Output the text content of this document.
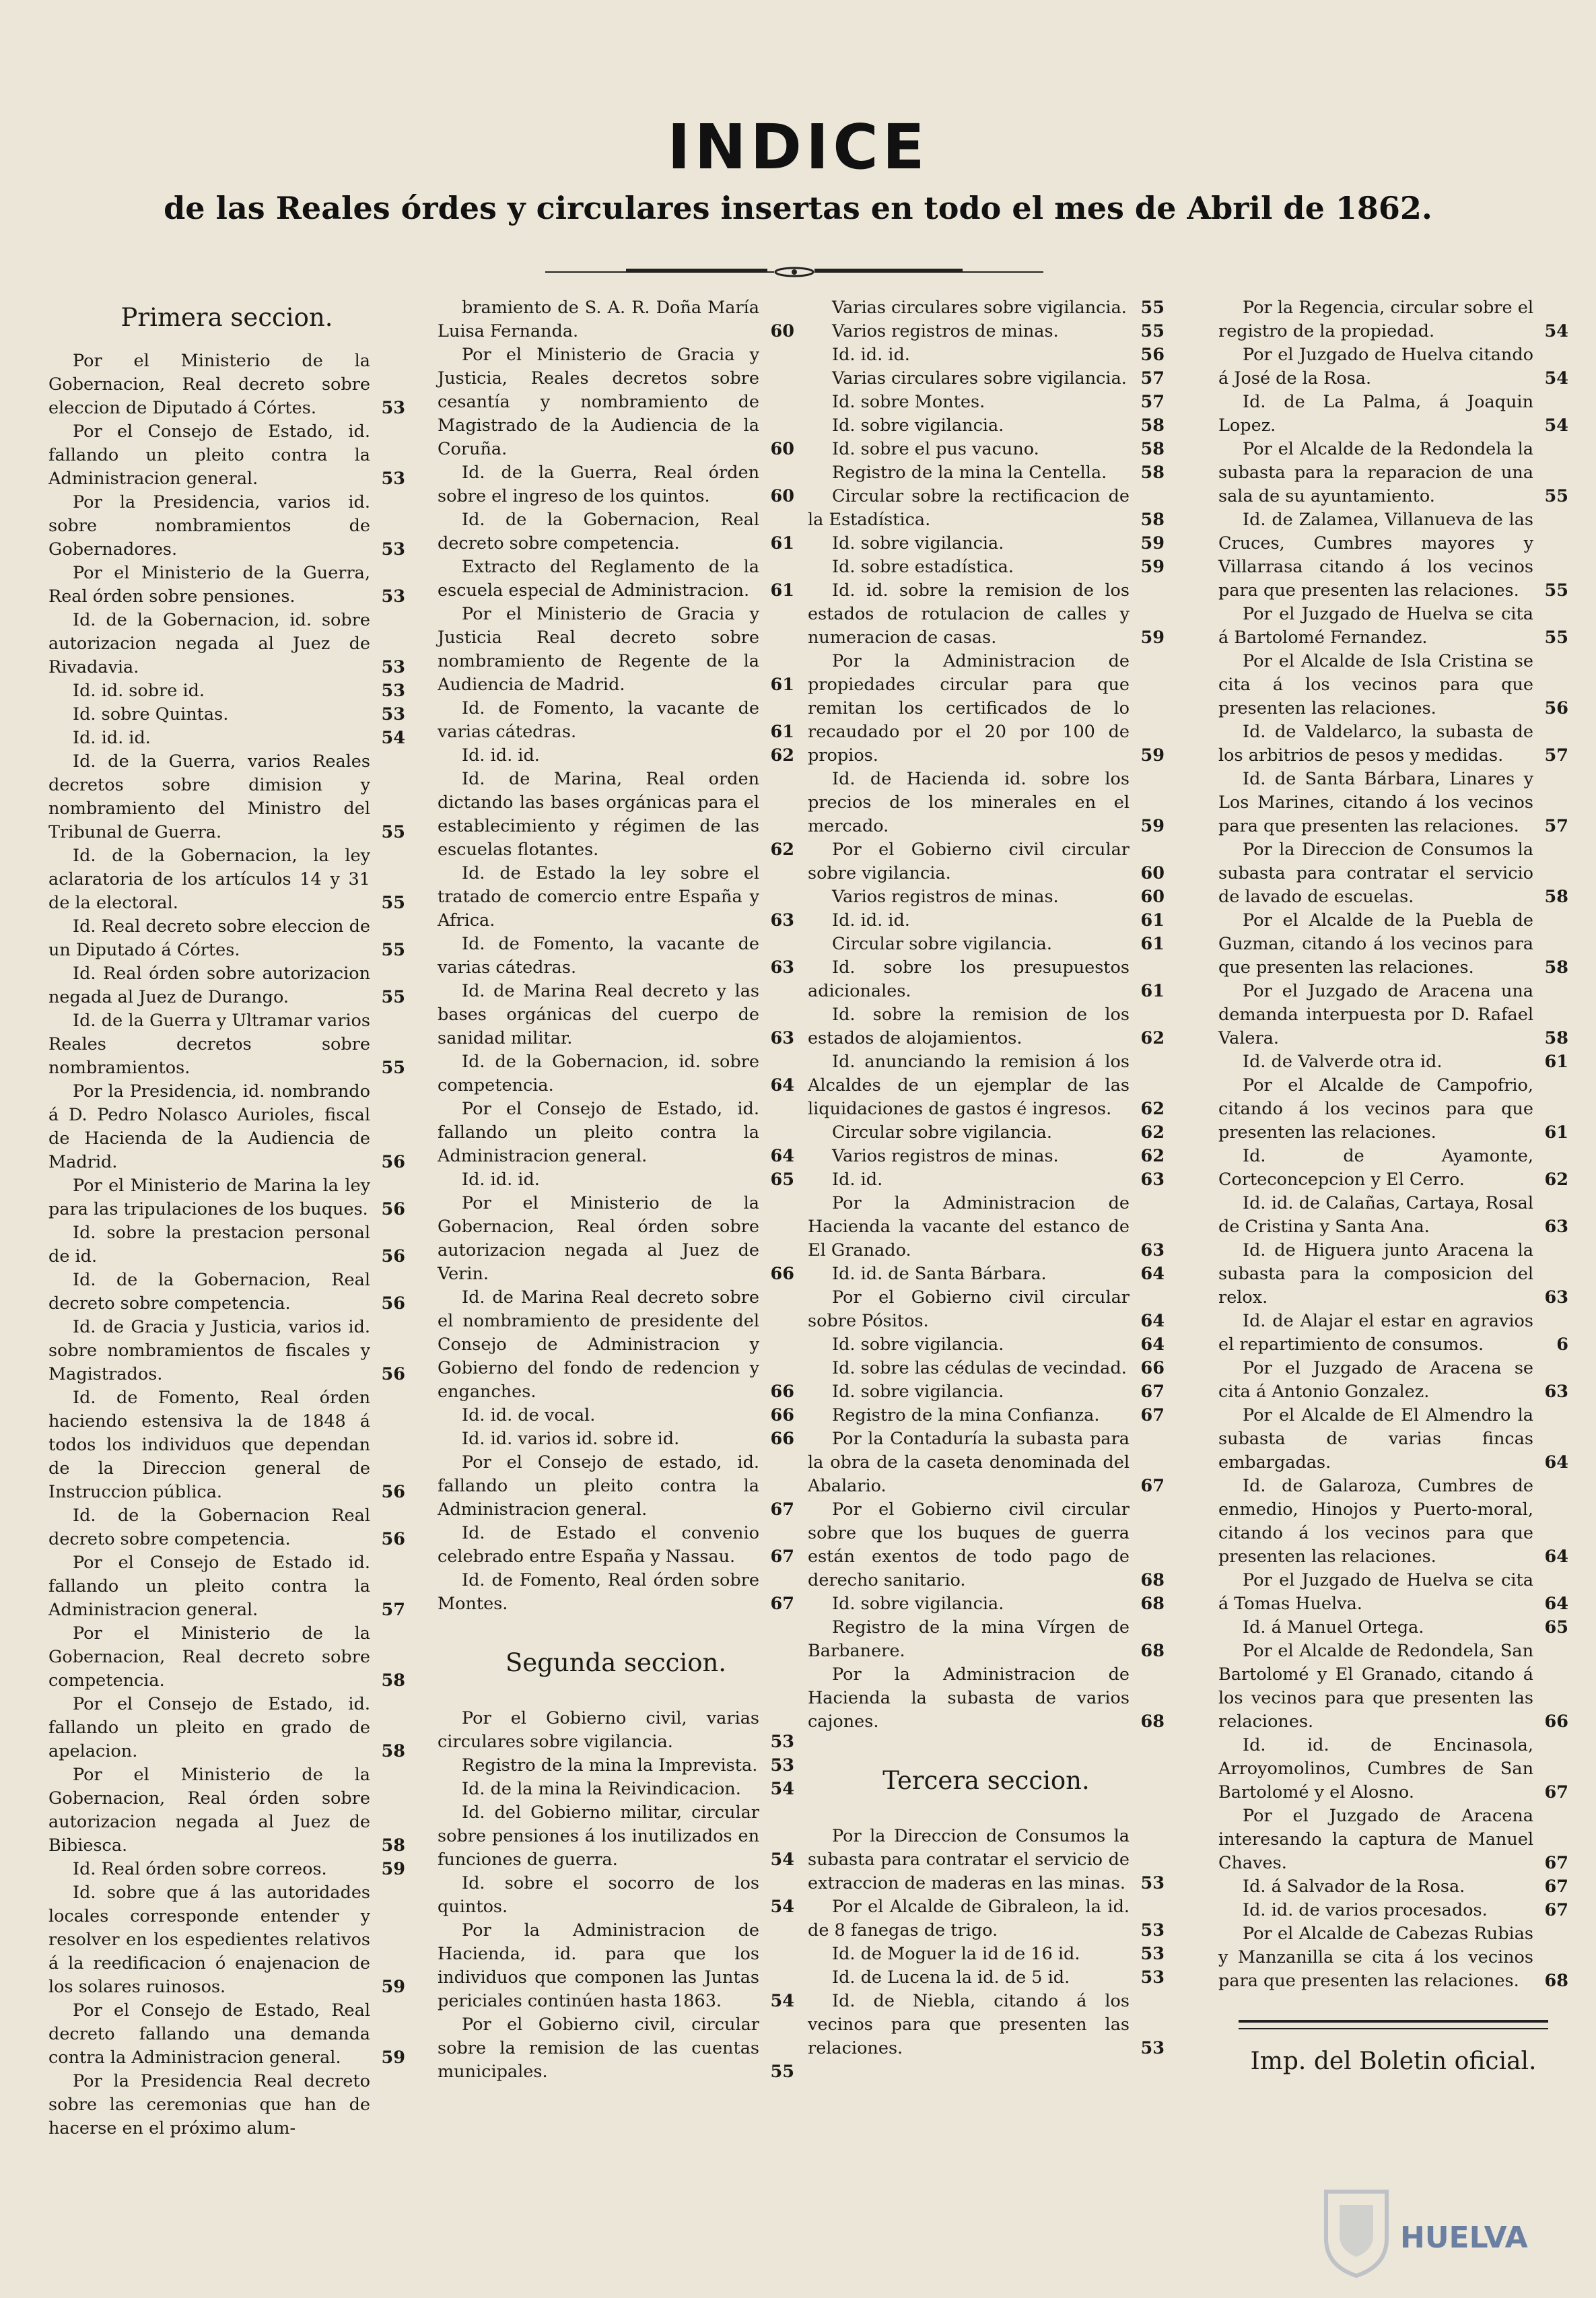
INDICE
de las Reales órdes y circulares insertas en todo el mes de Abril de 1862.
Primera seccion.
Por el Ministerio de la Gobernacion, Real decreto sobre eleccion de Diputado á Córtes.	53
Por el Consejo de Estado, id. fallando un pleito contra la Administracion general.	53
Por la Presidencia, varios id. sobre nombramientos de Gobernadores.	53
Por el Ministerio de la Guerra, Real órden sobre pensiones.	53
Id. de la Gobernacion, id. sobre autorizacion negada al Juez de Rivadavia.	53
Id. id. sobre id.	53
Id. sobre Quintas.	53
Id. id. id.	54
Id. de la Guerra, varios Reales decretos sobre dimision y nombramiento del Ministro del Tribunal de Guerra.	55
Id. de la Gobernacion, la ley aclaratoria de los artículos 14 y 31 de la electoral.	55
Id. Real decreto sobre eleccion de un Diputado á Córtes.	55
Id. Real órden sobre autorizacion negada al Juez de Durango.	55
Id. de la Guerra y Ultramar varios Reales decretos sobre nombramientos.	55
Por la Presidencia, id. nombrando á D. Pedro Nolasco Aurioles, fiscal de Hacienda de la Audiencia de Madrid.	56
Por el Ministerio de Marina la ley para las tripulaciones de los buques. 56
Id. sobre la prestacion personal de id.	56
Id. de la Gobernacion, Real decreto sobre competencia.	56
Id. de Gracia y Justicia, varios id. sobre nombramientos de fiscales y Magistrados.	56
Id. de Fomento, Real órden haciendo estensiva la de 1848 á todos los individuos que dependan de la Direccion general de Instruccion pública.	56
Id. de la Gobernacion Real decreto sobre competencia.	56
Por el Consejo de Estado id. fallando un pleito contra la Administracion general.	57
Por el Ministerio de la Gobernacion, Real decreto sobre competencia.	58
Por el Consejo de Estado, id. fallando un pleito en grado de apelacion.	58
Por el Ministerio de la Gobernacion, Real órden sobre autorizacion negada al Juez de Bibiesca.	58
Id. Real órden sobre correos.	59
Id. sobre que á las autoridades locales corresponde entender y resolver en los espedientes relativos á la reedificacion ó enajenacion de los solares ruinosos.	59
Por el Consejo de Estado, Real decreto fallando una demanda contra la Administracion general. 59
Por la Presidencia Real decreto sobre las ceremonias que han de hacerse en el próximo alum-
bramiento de S. A. R. Doña María Luisa Fernanda.	60
Por el Ministerio de Gracia y Justicia, Reales decretos sobre cesantía y nombramiento de Magistrado de la Audiencia de la Coruña.	60
Id. de la Guerra, Real órden sobre el ingreso de los quintos.	60
Id. de la Gobernacion, Real decreto sobre competencia.	61
Extracto del Reglamento de la escuela especial de Administracion. 61
Por el Ministerio de Gracia y Justicia Real decreto sobre nombramiento de Regente de la Audiencia de Madrid.	61
Id. de Fomento, la vacante de varias cátedras.	61
Id. id. id.	62
Id. de Marina, Real orden dictando las bases orgánicas para el establecimiento y régimen de las escuelas flotantes.	62
Id. de Estado la ley sobre el tratado de comercio entre España y Africa.	63
Id. de Fomento, la vacante de varias cátedras.	63
Id. de Marina Real decreto y las bases orgánicas del cuerpo de sanidad militar.	63
Id. de la Gobernacion, id. sobre competencia.	64
Por el Consejo de Estado, id. fallando un pleito contra la Administracion general.	64
Id. id. id.	65
Por el Ministerio de la Gobernacion, Real órden sobre autorizacion negada al Juez de Verin.	66
Id. de Marina Real decreto sobre el nombramiento de presidente del Consejo de Administracion y Gobierno del fondo de redencion y enganches.	66
Id. id. de vocal.	66
Id. id. varios id. sobre id.	66
Por el Consejo de estado, id. fallando un pleito contra la Administracion general.	67
Id. de Estado el convenio celebrado entre España y Nassau. 67
Id. de Fomento, Real órden sobre Montes.	67
Segunda seccion.
Por el Gobierno civil, varias circulares sobre vigilancia.	53
Registro de la mina la Imprevista. 53
Id. de la mina la Reivindicacion. 54
Id. del Gobierno militar, circular sobre pensiones á los inutilizados en funciones de guerra.	54
Id. sobre el socorro de los quintos.	54
Por la Administracion de Hacienda, id. para que los individuos que componen las Juntas periciales continúen hasta 1863.	54
Por el Gobierno civil, circular sobre la remision de las cuentas municipales.	55
Varias circulares sobre vigilancia. 55
Varios registros de minas.	55
Id. id. id.	56
Varias circulares sobre vigilancia. 57
Id. sobre Montes.	57
Id. sobre vigilancia.	58
Id. sobre el pus vacuno.	58
Registro de la mina la Centella. 58
Circular sobre la rectificacion de la Estadística.	58
Id. sobre vigilancia.	59
Id. sobre estadística.	59
Id. id. sobre la remision de los estados de rotulacion de calles y numeracion de casas.	59
Por la Administracion de propiedades circular para que remitan los certificados de lo recaudado por el 20 por 100 de propios.	59
Id. de Hacienda id. sobre los precios de los minerales en el mercado.	59
Por el Gobierno civil circular sobre vigilancia.	60
Varios registros de minas.	60
Id. id. id.	61
Circular sobre vigilancia.	61
Id. sobre los presupuestos adicionales.	61
Id. sobre la remision de los estados de alojamientos.	62
Id. anunciando la remision á los Alcaldes de un ejemplar de las liquidaciones de gastos é ingresos. 62
Circular sobre vigilancia.	62
Varios registros de minas.	62
Id. id.	63
Por la Administracion de Hacienda la vacante del estanco de El Granado.	63
Id. id. de Santa Bárbara.	64
Por el Gobierno civil circular sobre Pósitos.	64
Id. sobre vigilancia.	64
Id. sobre las cédulas de vecindad. 66
Id. sobre vigilancia.	67
Registro de la mina Confianza. 67
Por la Contaduría la subasta para la obra de la caseta denominada del Abalario.	67
Por el Gobierno civil circular sobre que los buques de guerra están exentos de todo pago de derecho sanitario.	68
Id. sobre vigilancia.	68
Registro de la mina Vírgen de Barbanere.	68
Por la Administracion de Hacienda la subasta de varios cajones.	68
Tercera seccion.
Por la Direccion de Consumos la subasta para contratar el servicio de extraccion de maderas en las minas. 53
Por el Alcalde de Gibraleon, la id. de 8 fanegas de trigo.	53
Id. de Moguer la id de 16 id.	53
Id. de Lucena la id. de 5 id.	53
Id. de Niebla, citando á los vecinos para que presenten las relaciones.	53
Por la Regencia, circular sobre el registro de la propiedad.	54
Por el Juzgado de Huelva citando á José de la Rosa.	54
Id. de La Palma, á Joaquin Lopez.	54
Por el Alcalde de la Redondela la subasta para la reparacion de una sala de su ayuntamiento.	55
Id. de Zalamea, Villanueva de las Cruces, Cumbres mayores y Villarrasa citando á los vecinos para que presenten las relaciones. 55
Por el Juzgado de Huelva se cita á Bartolomé Fernandez.	55
Por el Alcalde de Isla Cristina se cita á los vecinos para que presenten las relaciones.	56
Id. de Valdelarco, la subasta de los arbitrios de pesos y medidas. 57
Id. de Santa Bárbara, Linares y Los Marines, citando á los vecinos para que presenten las relaciones. 57
Por la Direccion de Consumos la subasta para contratar el servicio de lavado de escuelas.	58
Por el Alcalde de la Puebla de Guzman, citando á los vecinos para que presenten las relaciones.	58
Por el Juzgado de Aracena una demanda interpuesta por D. Rafael Valera.	58
Id. de Valverde otra id.	61
Por el Alcalde de Campofrio, citando á los vecinos para que presenten las relaciones.	61
Id. de Ayamonte, Corteconcepcion y El Cerro.	62
Id. id. de Calañas, Cartaya, Rosal de Cristina y Santa Ana.	63
Id. de Higuera junto Aracena la subasta para la composicion del relox.	63
Id. de Alajar el estar en agravios el repartimiento de consumos.	6
Por el Juzgado de Aracena se cita á Antonio Gonzalez.	63
Por el Alcalde de El Almendro la subasta de varias fincas embargadas.	64
Id. de Galaroza, Cumbres de enmedio, Hinojos y Puerto-moral, citando á los vecinos para que presenten las relaciones.	64
Por el Juzgado de Huelva se cita á Tomas Huelva.	64
Id. á Manuel Ortega.	65
Por el Alcalde de Redondela, San Bartolomé y El Granado, citando á los vecinos para que presenten las relaciones.	66
Id. id. de Encinasola, Arroyomolinos, Cumbres de San Bartolomé y el Alosno.	67
Por el Juzgado de Aracena interesando la captura de Manuel Chaves.	67
Id. á Salvador de la Rosa.	67
Id. id. de varios procesados.	67
Por el Alcalde de Cabezas Rubias y Manzanilla se cita á los vecinos para que presenten las relaciones. 68
Imp. del Boletin oficial.
HUELVA
